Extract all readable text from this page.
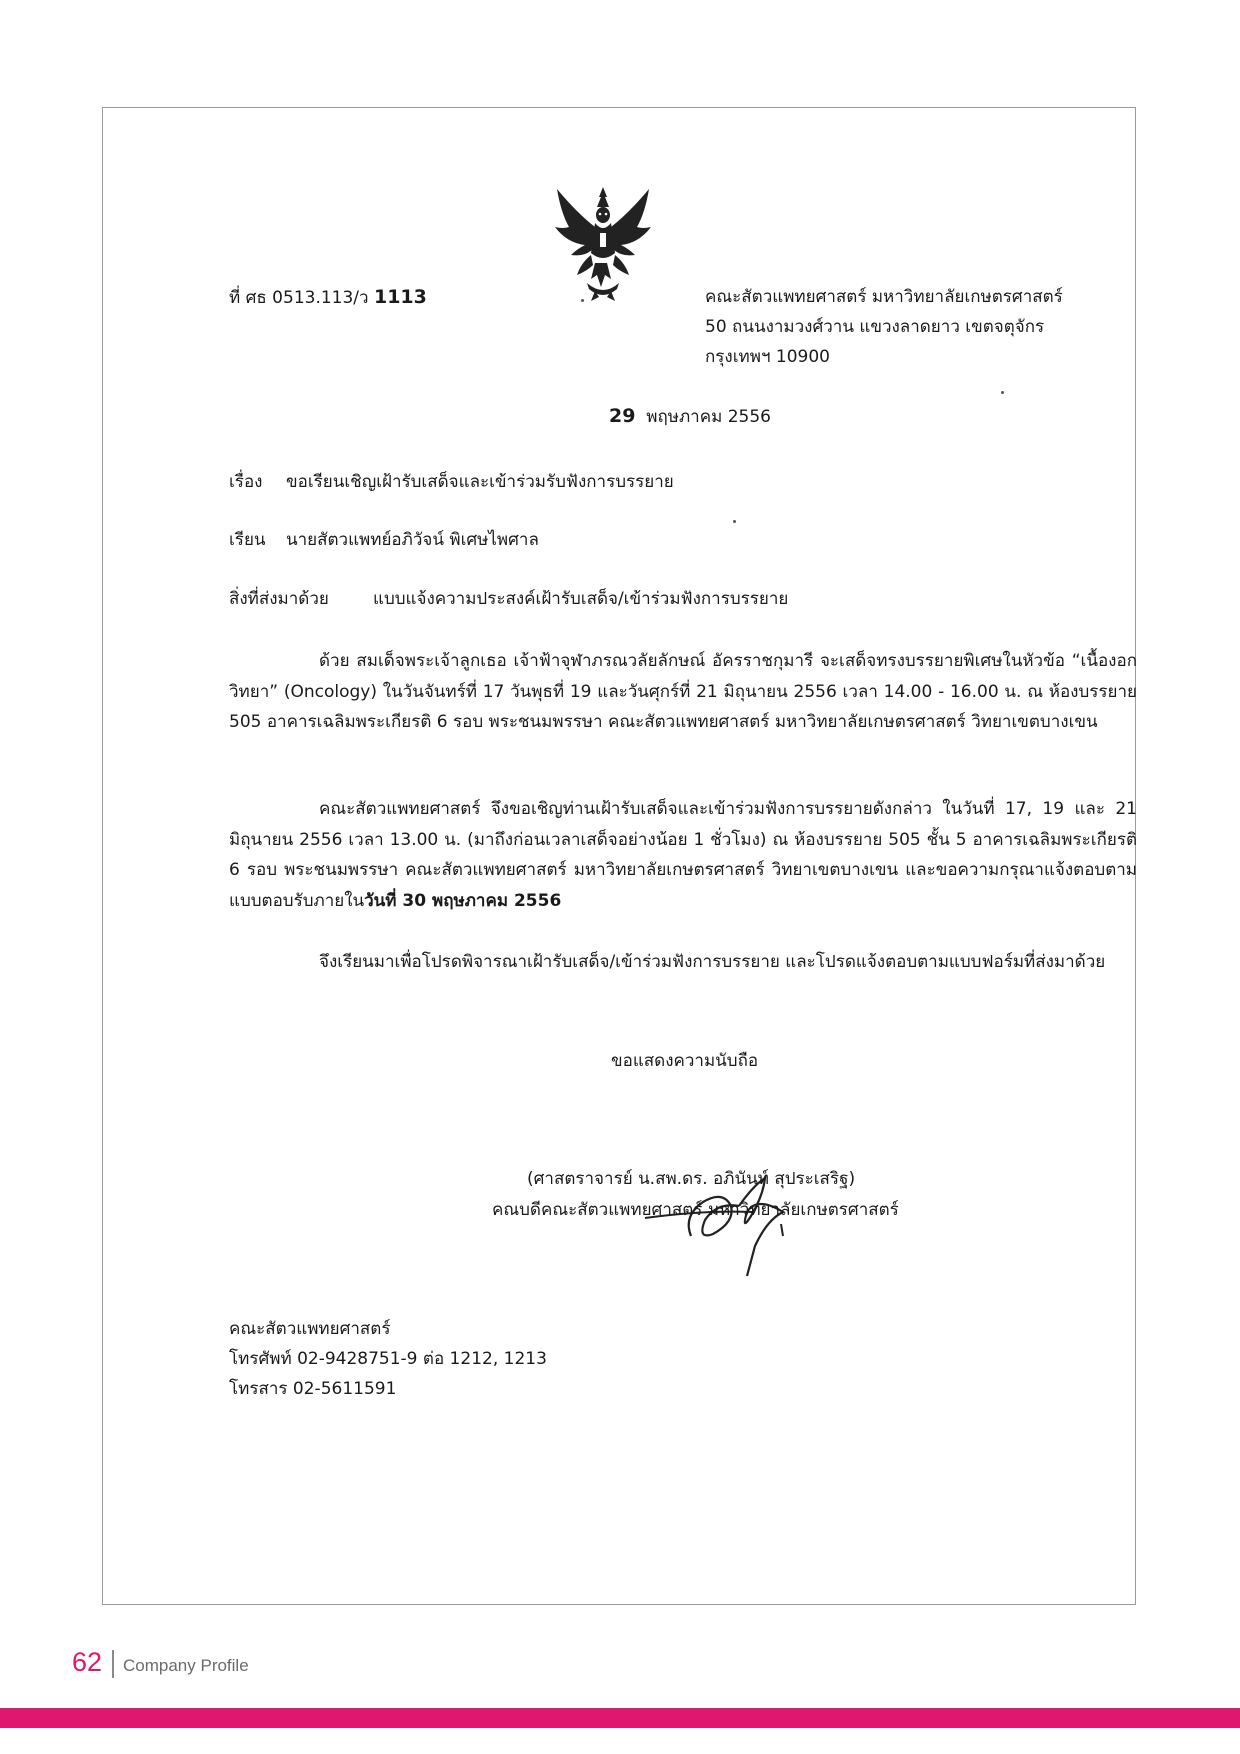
ที่ ศธ 0513.113/ว 1113	คณะสัตวแพทยศาสตร์ มหาวิทยาลัยเกษตรศาสตร์
50 ถนนงามวงศ์วาน แขวงลาดยาว เขตจตุจักร
กรุงเทพฯ 10900
29 พฤษภาคม 2556
เรื่อง ขอเรียนเชิญเฝ้ารับเสด็จและเข้าร่วมรับฟังการบรรยาย
เรียน นายสัตวแพทย์อภิวัจน์ พิเศษไพศาล
สิ่งที่ส่งมาด้วย	แบบแจ้งความประสงค์เฝ้ารับเสด็จ/เข้าร่วมฟังการบรรยาย
ด้วย สมเด็จพระเจ้าลูกเธอ เจ้าฟ้าจุฬาภรณวลัยลักษณ์ อัครราชกุมารี จะเสด็จทรงบรรยายพิเศษในหัวข้อ “เนื้องอกวิทยา” (Oncology) ในวันจันทร์ที่ 17 วันพุธที่ 19 และวันศุกร์ที่ 21 มิถุนายน 2556 เวลา 14.00 - 16.00 น. ณ ห้องบรรยาย 505 อาคารเฉลิมพระเกียรติ 6 รอบ พระชนมพรรษา คณะสัตวแพทยศาสตร์ มหาวิทยาลัยเกษตรศาสตร์ วิทยาเขตบางเขน
คณะสัตวแพทยศาสตร์ จึงขอเชิญท่านเฝ้ารับเสด็จและเข้าร่วมฟังการบรรยายดังกล่าว ในวันที่ 17, 19 และ 21 มิถุนายน 2556 เวลา 13.00 น. (มาถึงก่อนเวลาเสด็จอย่างน้อย 1 ชั่วโมง) ณ ห้องบรรยาย 505 ชั้น 5 อาคารเฉลิมพระเกียรติ 6 รอบ พระชนมพรรษา คณะสัตวแพทยศาสตร์ มหาวิทยาลัยเกษตรศาสตร์ วิทยาเขตบางเขน และขอความกรุณาแจ้งตอบตามแบบตอบรับภายในวันที่ 30 พฤษภาคม 2556
จึงเรียนมาเพื่อโปรดพิจารณาเฝ้ารับเสด็จ/เข้าร่วมฟังการบรรยาย และโปรดแจ้งตอบตามแบบฟอร์มที่ส่งมาด้วย
ขอแสดงความนับถือ
(ศาสตราจารย์ น.สพ.ดร. อภินันท์ สุประเสริฐ)
คณบดีคณะสัตวแพทยศาสตร์ มหาวิทยาลัยเกษตรศาสตร์
คณะสัตวแพทยศาสตร์
โทรศัพท์ 02-9428751-9 ต่อ 1212, 1213
โทรสาร 02-5611591
62 Company Profile
